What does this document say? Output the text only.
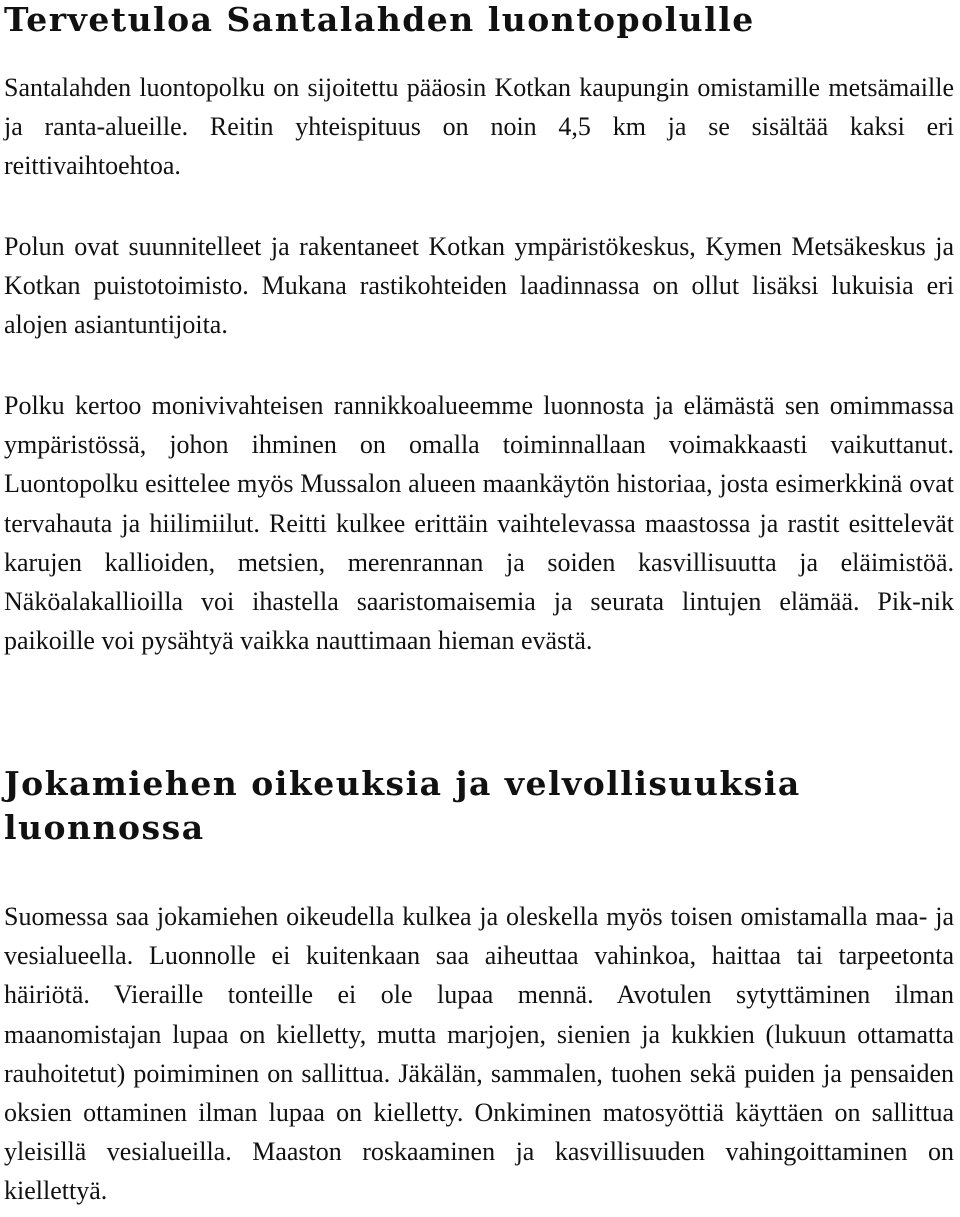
Tervetuloa Santalahden luontopolulle

Santalahden luontopolku on sijoitettu pääosin Kotkan kaupungin omistamille metsämaille ja ranta-alueille. Reitin yhteispituus on noin 4,5 km ja se sisältää kaksi eri reittivaihtoehtoa.

Polun ovat suunnitelleet ja rakentaneet Kotkan ympäristökeskus, Kymen Metsäkeskus ja Kotkan puistotoimisto. Mukana rastikohteiden laadinnassa on ollut lisäksi lukuisia eri alojen asiantuntijoita.

Polku kertoo monivivahteisen rannikkoalueemme luonnosta ja elämästä sen omimmassa ympäristössä, johon ihminen on omalla toiminnallaan voimakkaasti vaikuttanut. Luontopolku esittelee myös Mussalon alueen maankäytön historiaa, josta esimerkkinä ovat tervahauta ja hiilimiilut. Reitti kulkee erittäin vaihtelevassa maastossa ja rastit esittelevät karujen kallioiden, metsien, merenrannan ja soiden kasvillisuutta ja eläimistöä. Näköalakallioilla voi ihastella saaristomaisemia ja seurata lintujen elämää. Pik-nik paikoille voi pysähtyä vaikka nauttimaan hieman evästä.

Jokamiehen oikeuksia ja velvollisuuksia luonnossa

Suomessa saa jokamiehen oikeudella kulkea ja oleskella myös toisen omistamalla maa- ja vesialueella. Luonnolle ei kuitenkaan saa aiheuttaa vahinkoa, haittaa tai tarpeetonta häiriötä. Vieraille tonteille ei ole lupaa mennä. Avotulen sytyttäminen ilman maanomistajan lupaa on kielletty, mutta marjojen, sienien ja kukkien (lukuun ottamatta rauhoitetut) poimiminen on sallittua. Jäkälän, sammalen, tuohen sekä puiden ja pensaiden oksien ottaminen ilman lupaa on kielletty. Onkiminen matosyöttiä käyttäen on sallittua yleisillä vesialueilla. Maaston roskaaminen ja kasvillisuuden vahingoittaminen on kiellettyä.
